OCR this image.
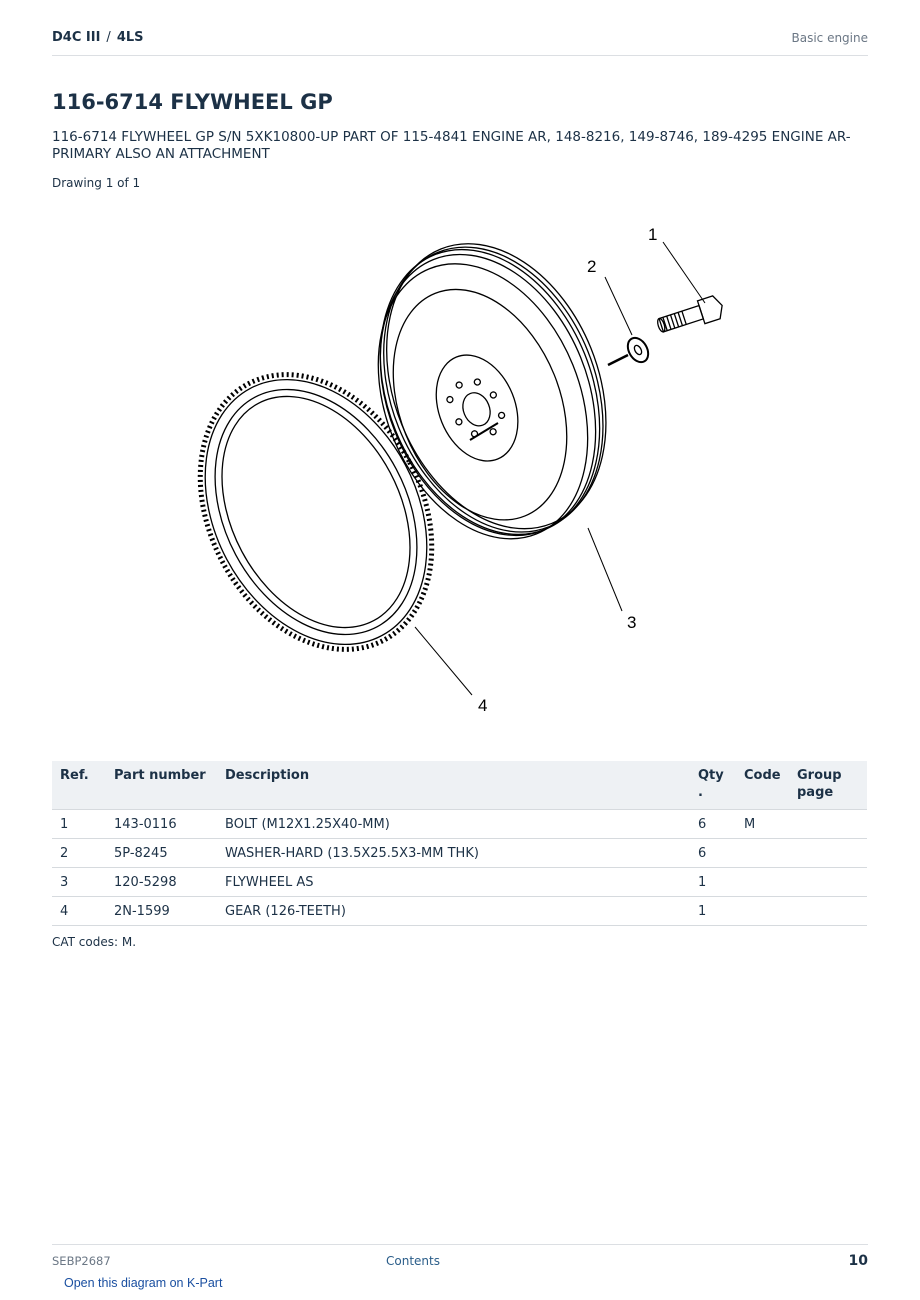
D4C III / 4LS	Basic engine
116-6714 FLYWHEEL GP
116-6714 FLYWHEEL GP S/N 5XK10800-UP PART OF 115-4841 ENGINE AR, 148-8216, 149-8746, 189-4295 ENGINE AR-PRIMARY ALSO AN ATTACHMENT
Drawing 1 of 1
1
2
3
4
Ref.	Part number	Description	Qty .	Code	Group page
1	143-0116	BOLT (M12X1.25X40-MM)	6	M	
2	5P-8245	WASHER-HARD (13.5X25.5X3-MM THK)	6		
3	120-5298	FLYWHEEL AS	1		
4	2N-1599	GEAR (126-TEETH)	1		
CAT codes: M.
SEBP2687	Contents	10
Open this diagram on K-Part
